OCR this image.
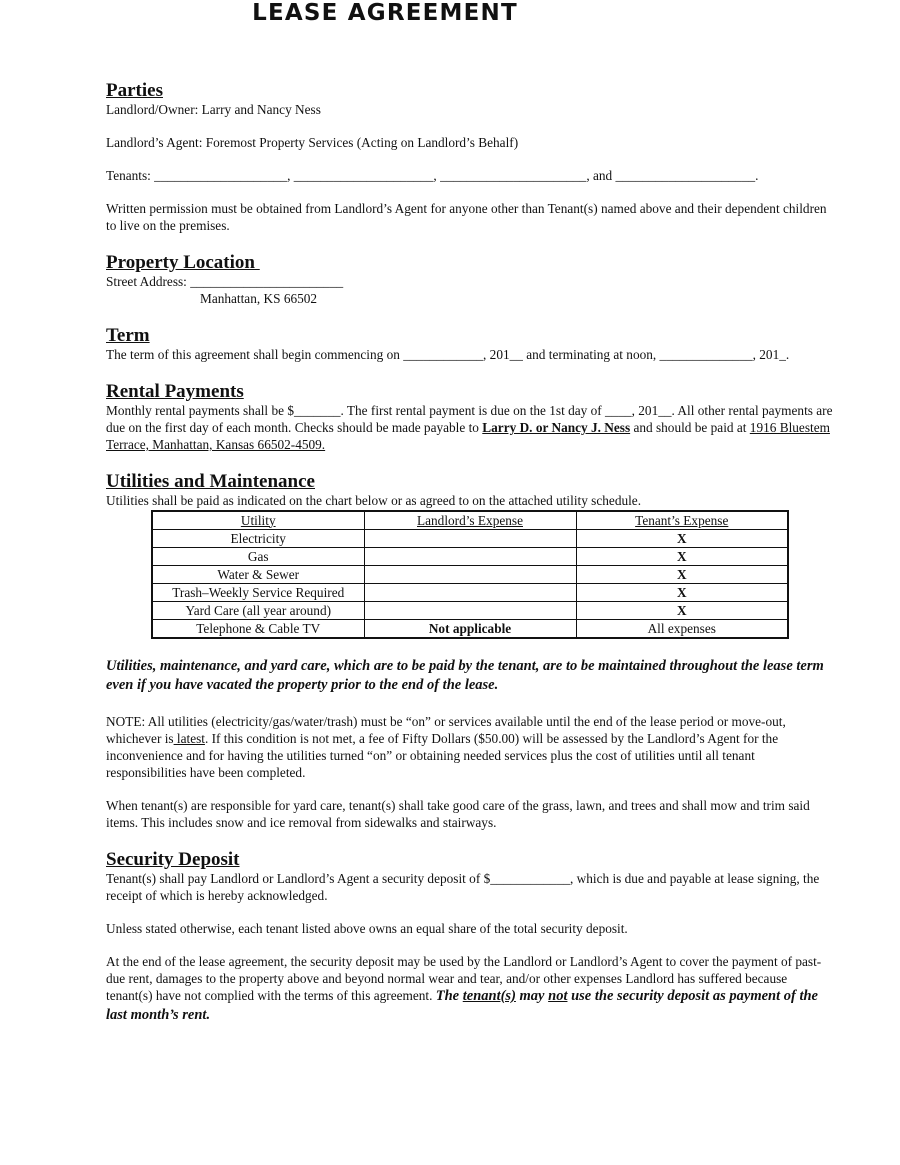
LEASE AGREEMENT
Parties

Landlord/Owner: Larry and Nancy Ness

Landlord’s Agent: Foremost Property Services (Acting on Landlord’s Behalf)

Tenants: ____________________, _____________________, ______________________, and _____________________.

Written permission must be obtained from Landlord’s Agent for anyone other than Tenant(s) named above and their dependent children to live on the premises.

Property Location

Street Address: _______________________

Manhattan, KS 66502

Term

The term of this agreement shall begin commencing on ____________, 201__ and terminating at noon, ______________, 201_.

Rental Payments

Monthly rental payments shall be $_______. The first rental payment is due on the 1st day of ____, 201__. All other rental payments are due on the first day of each month. Checks should be made payable to Larry D. or Nancy J. Ness and should be paid at 1916 Bluestem Terrace, Manhattan, Kansas 66502-4509.

Utilities and Maintenance

Utilities shall be paid as indicated on the chart below or as agreed to on the attached utility schedule.

Utility	Landlord’s Expense	Tenant’s Expense
Electricity		X
Gas		X
Water & Sewer		X
Trash–Weekly Service Required		X
Yard Care (all year around)		X
Telephone & Cable TV	Not applicable	All expenses

Utilities, maintenance, and yard care, which are to be paid by the tenant, are to be maintained throughout the lease term even if you have vacated the property prior to the end of the lease.

NOTE: All utilities (electricity/gas/water/trash) must be “on” or services available until the end of the lease period or move-out, whichever is latest. If this condition is not met, a fee of Fifty Dollars ($50.00) will be assessed by the Landlord’s Agent for the inconvenience and for having the utilities turned “on” or obtaining needed services plus the cost of utilities until all tenant responsibilities have been completed.

When tenant(s) are responsible for yard care, tenant(s) shall take good care of the grass, lawn, and trees and shall mow and trim said items. This includes snow and ice removal from sidewalks and stairways.

Security Deposit

Tenant(s) shall pay Landlord or Landlord’s Agent a security deposit of $____________, which is due and payable at lease signing, the receipt of which is hereby acknowledged.

Unless stated otherwise, each tenant listed above owns an equal share of the total security deposit.

At the end of the lease agreement, the security deposit may be used by the Landlord or Landlord’s Agent to cover the payment of past-due rent, damages to the property above and beyond normal wear and tear, and/or other expenses Landlord has suffered because tenant(s) have not complied with the terms of this agreement. The tenant(s) may not use the security deposit as payment of the last month’s rent.
